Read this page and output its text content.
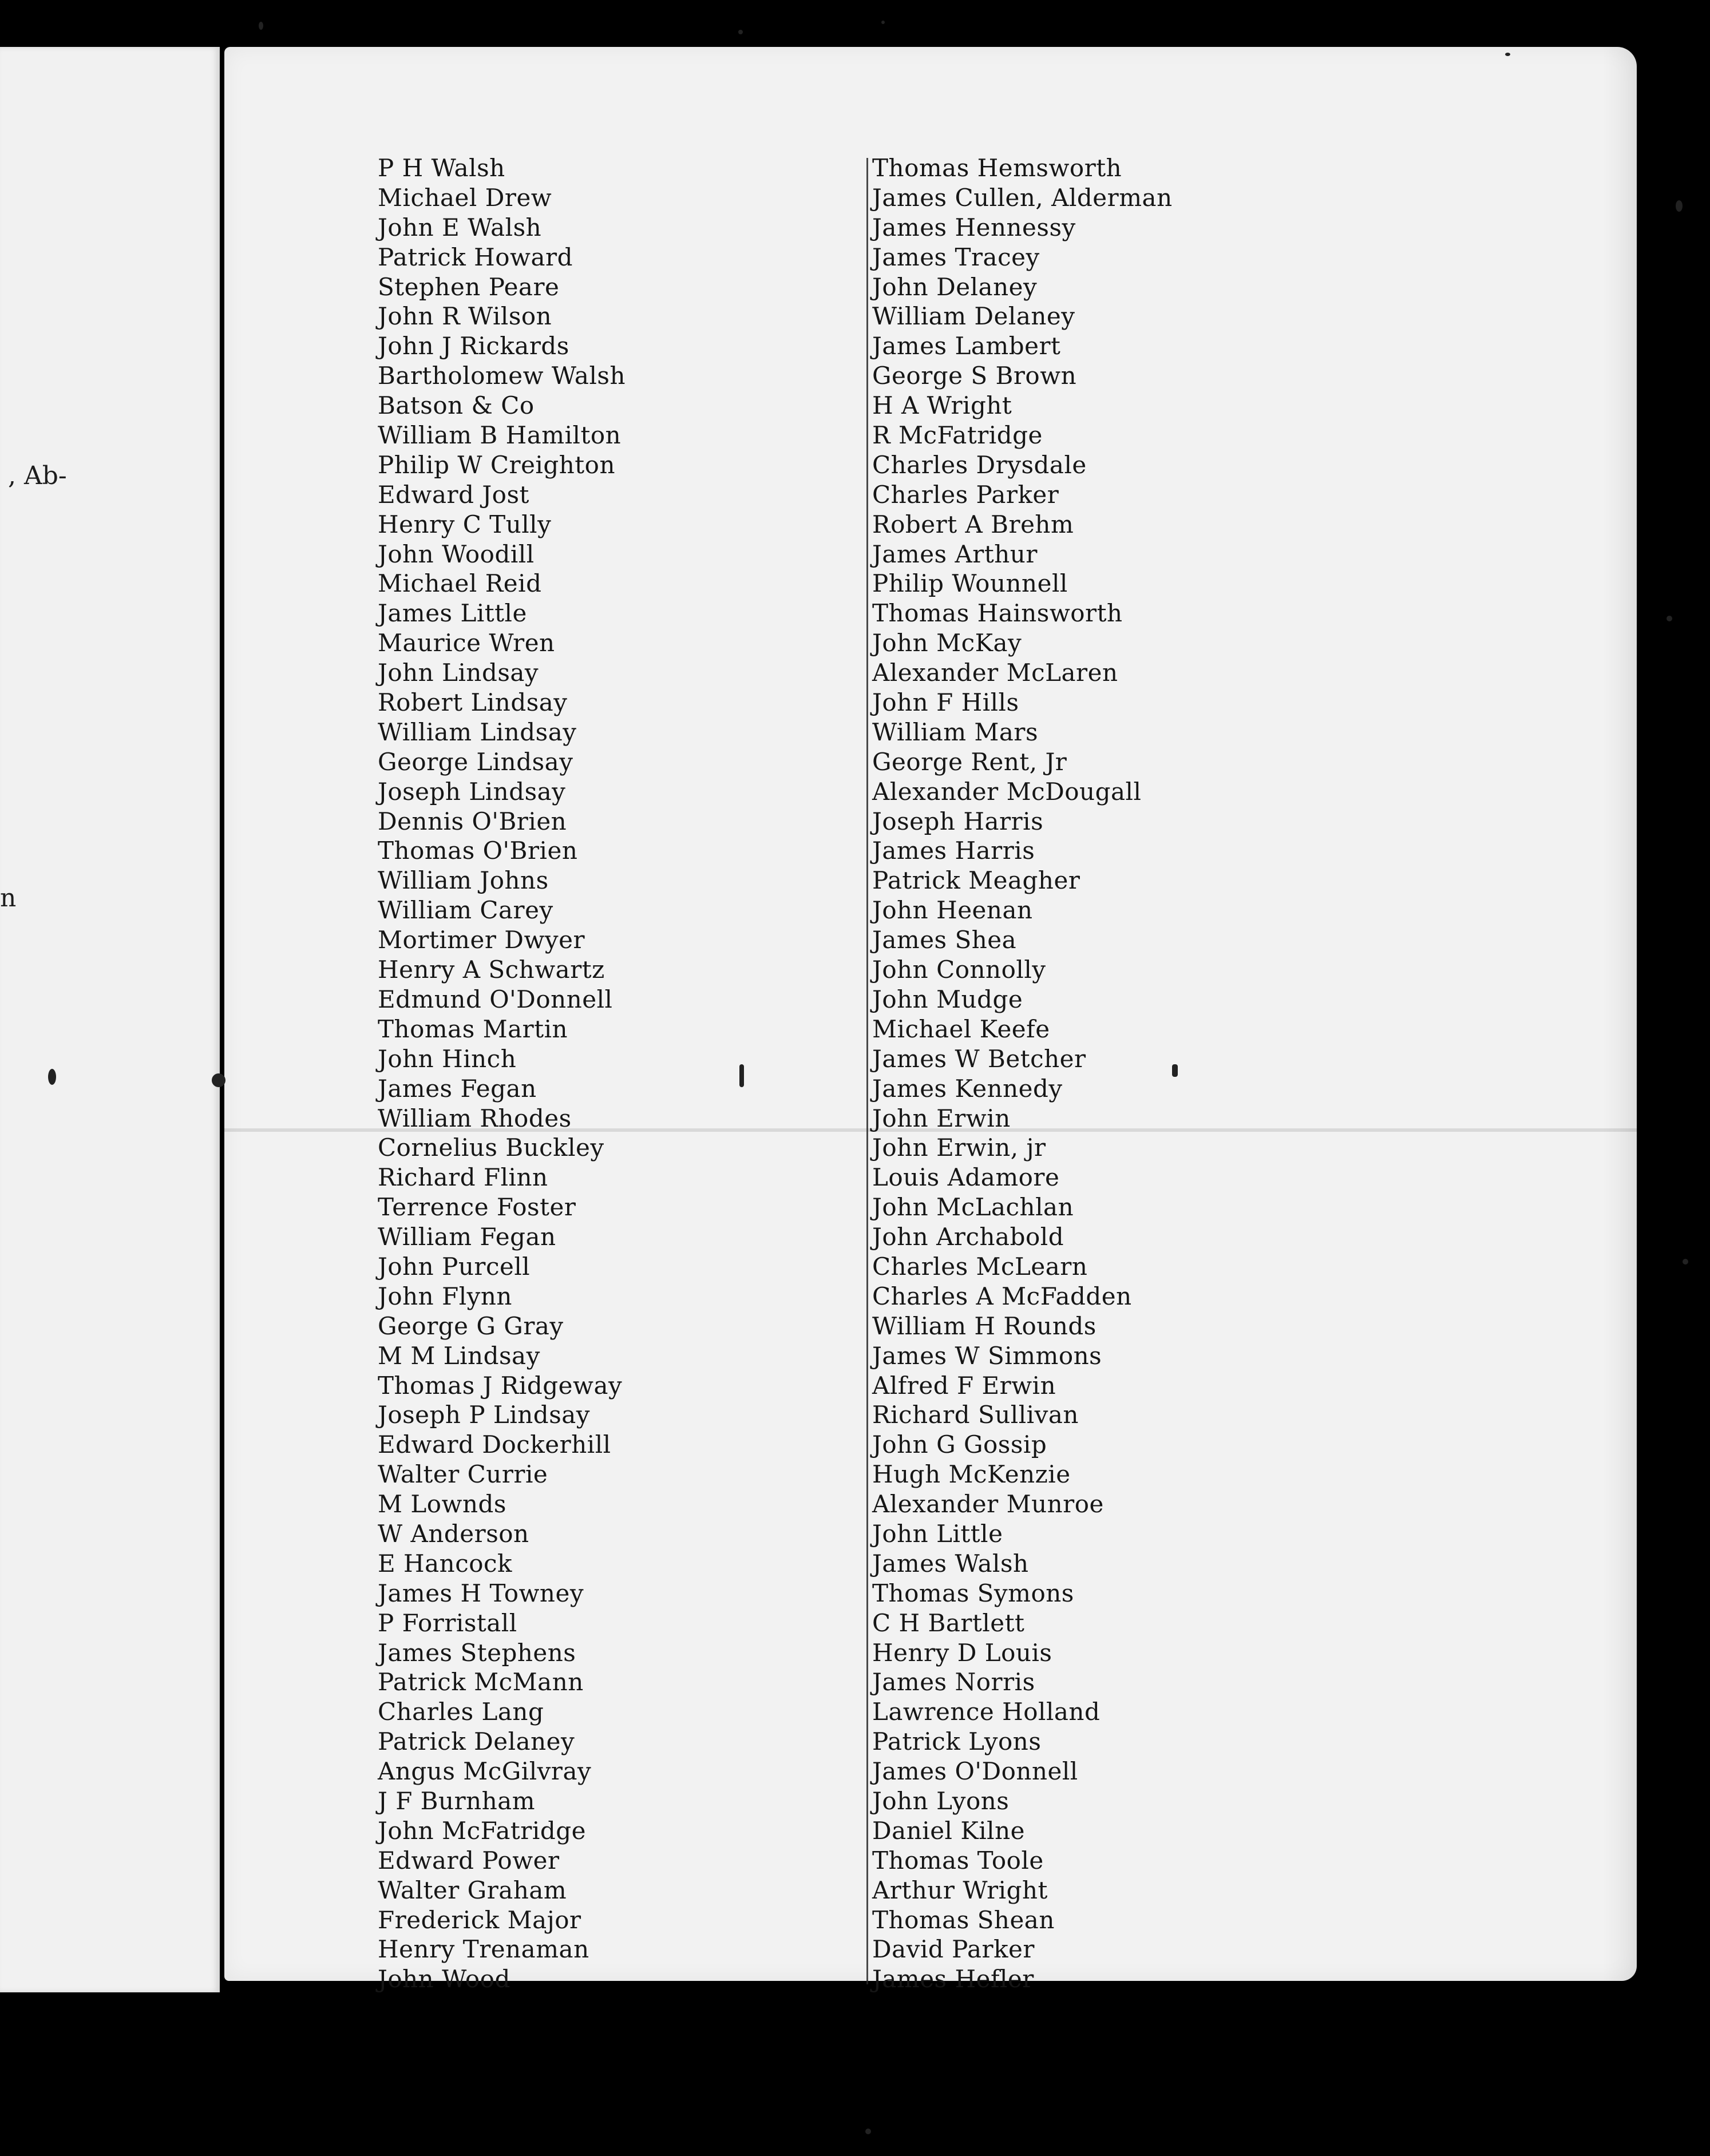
, Ab-
n
P H Walsh
Michael Drew
John E Walsh
Patrick Howard
Stephen Peare
John R Wilson
John J Rickards
Bartholomew Walsh
Batson & Co
William B Hamilton
Philip W Creighton
Edward Jost
Henry C Tully
John Woodill
Michael Reid
James Little
Maurice Wren
John Lindsay
Robert Lindsay
William Lindsay
George Lindsay
Joseph Lindsay
Dennis O'Brien
Thomas O'Brien
William Johns
William Carey
Mortimer Dwyer
Henry A Schwartz
Edmund O'Donnell
Thomas Martin
John Hinch
James Fegan
William Rhodes
Cornelius Buckley
Richard Flinn
Terrence Foster
William Fegan
John Purcell
John Flynn
George G Gray
M M Lindsay
Thomas J Ridgeway
Joseph P Lindsay
Edward Dockerhill
Walter Currie
M Lownds
W Anderson
E Hancock
James H Towney
P Forristall
James Stephens
Patrick McMann
Charles Lang
Patrick Delaney
Angus McGilvray
J F Burnham
John McFatridge
Edward Power
Walter Graham
Frederick Major
Henry Trenaman
John Wood
Thomas Hemsworth
James Cullen, Alderman
James Hennessy
James Tracey
John Delaney
William Delaney
James Lambert
George S Brown
H A Wright
R McFatridge
Charles Drysdale
Charles Parker
Robert A Brehm
James Arthur
Philip Wounnell
Thomas Hainsworth
John McKay
Alexander McLaren
John F Hills
William Mars
George Rent, Jr
Alexander McDougall
Joseph Harris
James Harris
Patrick Meagher
John Heenan
James Shea
John Connolly
John Mudge
Michael Keefe
James W Betcher
James Kennedy
John Erwin
John Erwin, jr
Louis Adamore
John McLachlan
John Archabold
Charles McLearn
Charles A McFadden
William H Rounds
James W Simmons
Alfred F Erwin
Richard Sullivan
John G Gossip
Hugh McKenzie
Alexander Munroe
John Little
James Walsh
Thomas Symons
C H Bartlett
Henry D Louis
James Norris
Lawrence Holland
Patrick Lyons
James O'Donnell
John Lyons
Daniel Kilne
Thomas Toole
Arthur Wright
Thomas Shean
David Parker
James Hefler
